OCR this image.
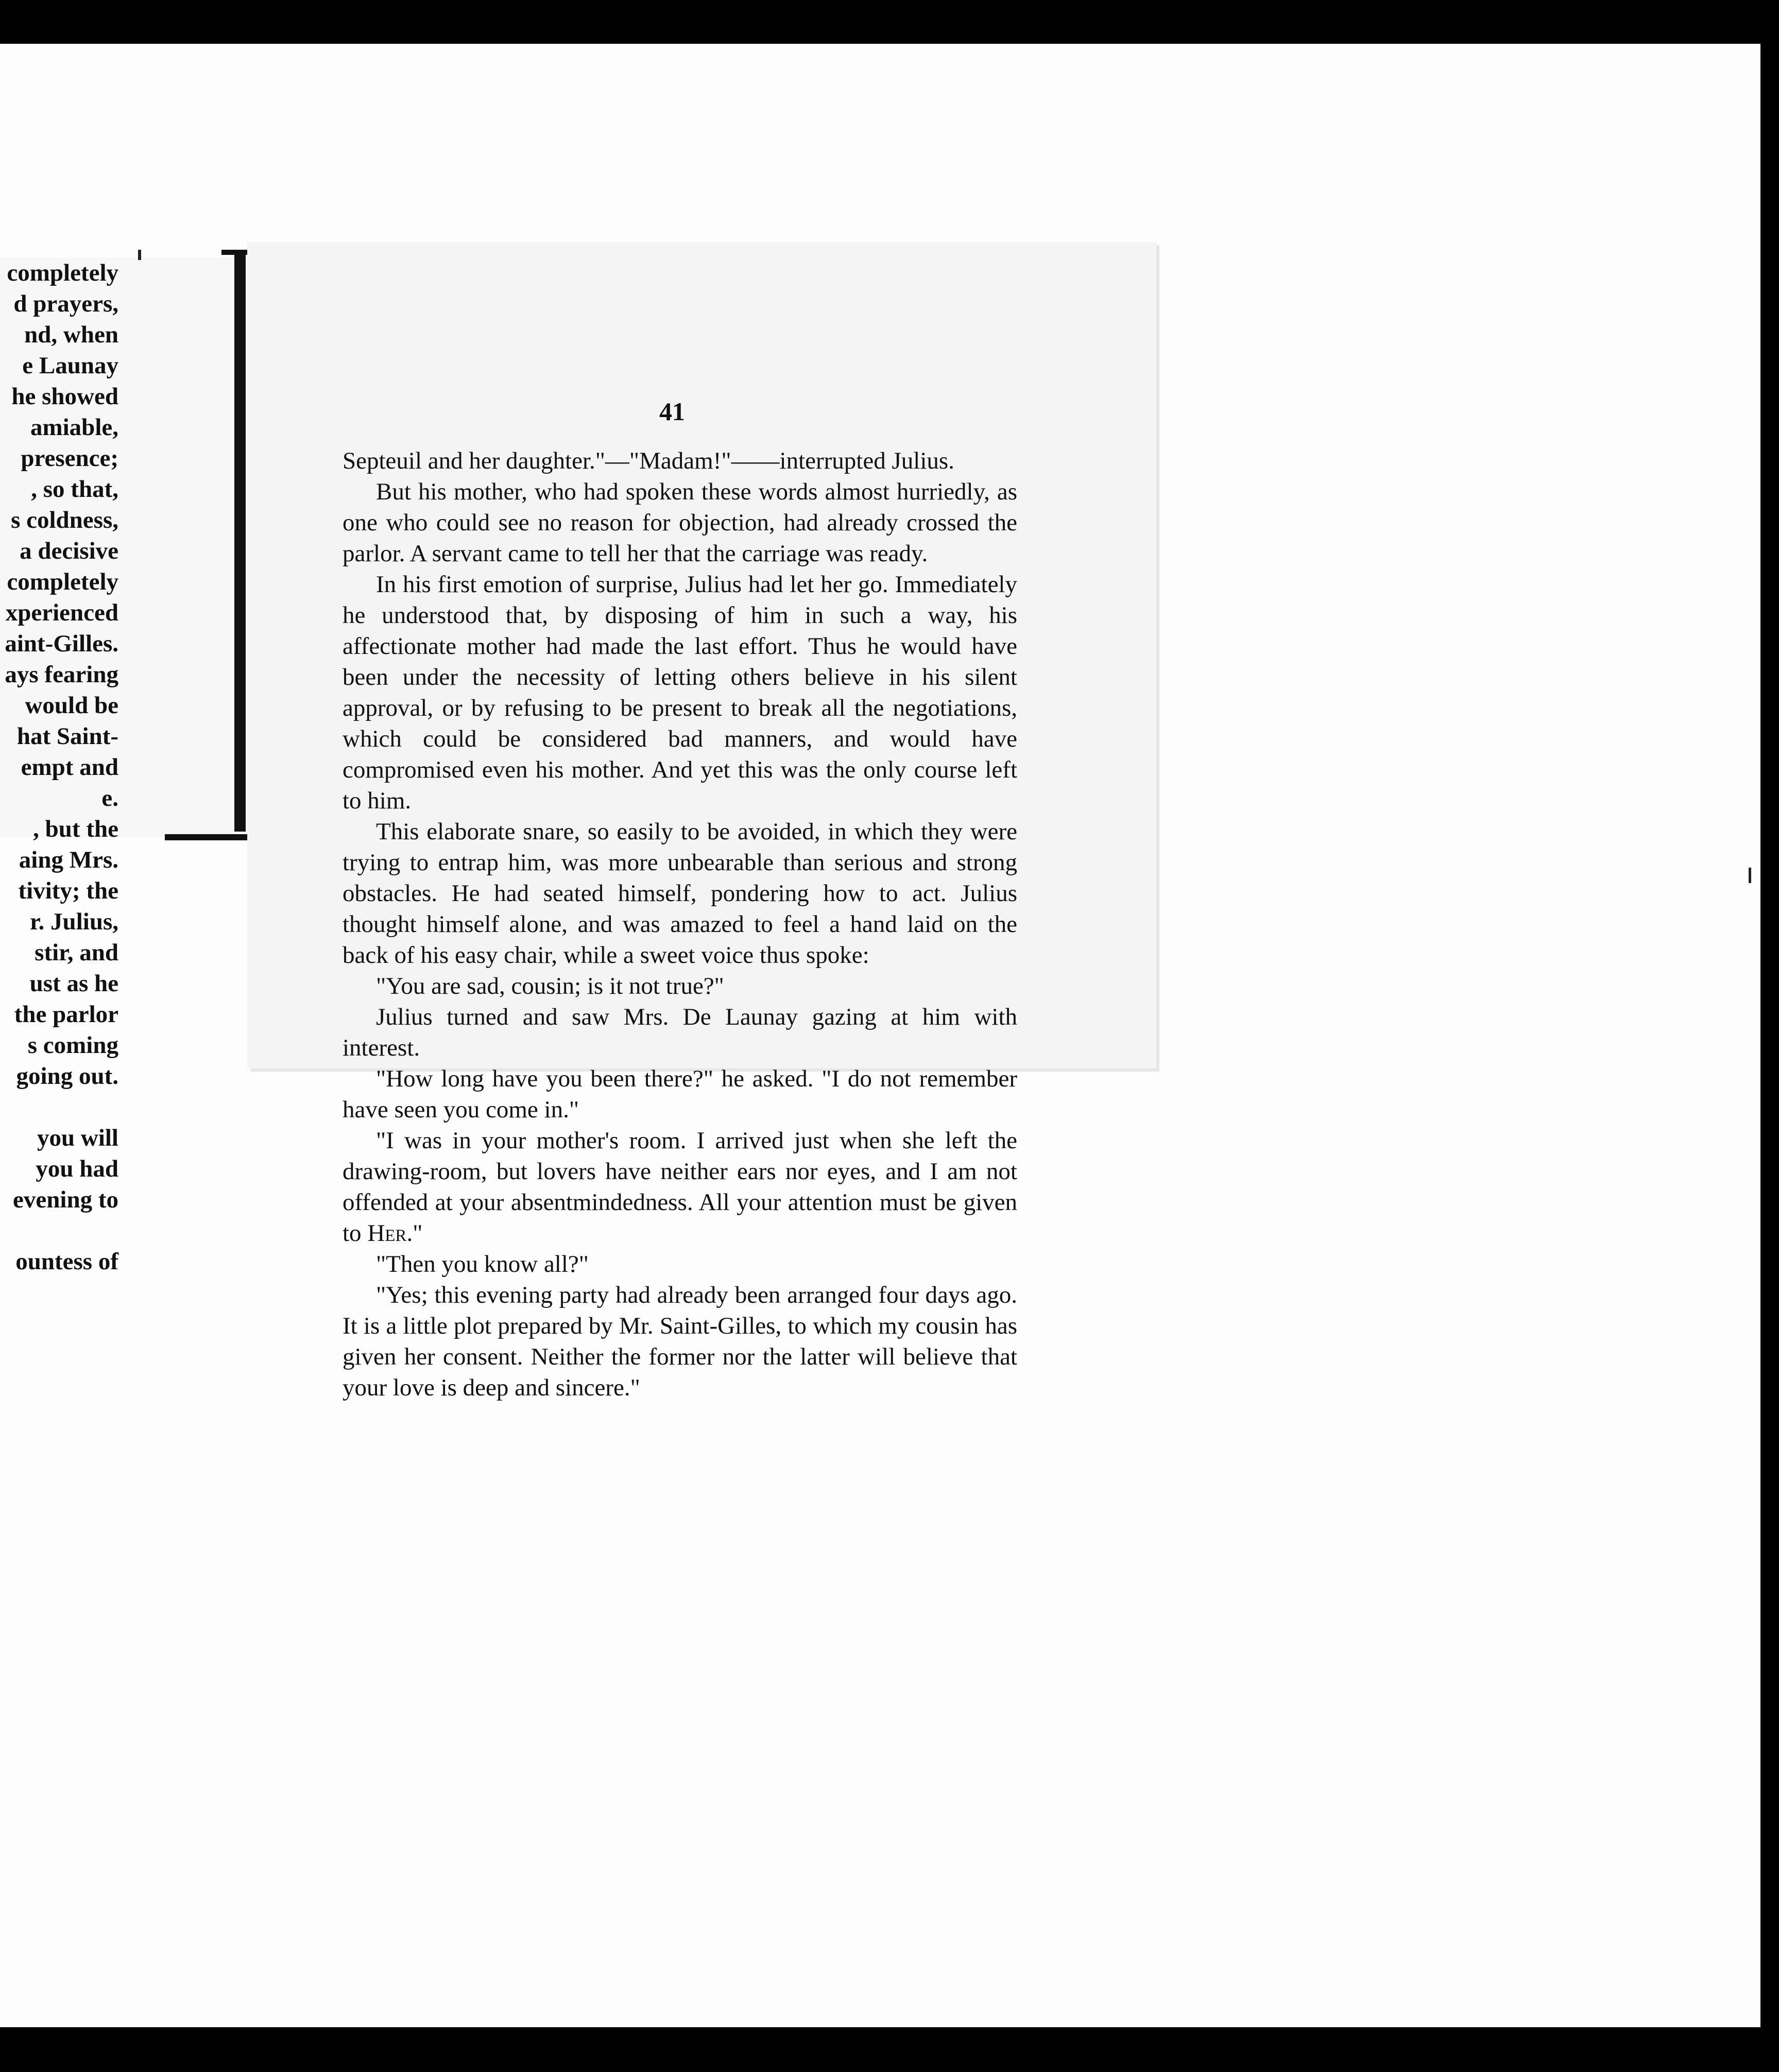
completely
d prayers,
nd, when
e Launay
he showed
amiable,
presence;
, so that,
s coldness,
a decisive
completely
xperienced
aint-Gilles.
ays fearing
would be
hat Saint-
empt and
e.
, but the
aing Mrs.
tivity; the
r. Julius,
stir, and
ust as he
the parlor
s coming
going out.
you will
you had
evening to
ountess of
41

Septeuil and her daughter."—"Madam!"——interrupted Julius.

But his mother, who had spoken these words almost hurriedly, as one who could see no reason for objection, had already crossed the parlor. A servant came to tell her that the carriage was ready.

In his first emotion of surprise, Julius had let her go. Immediately he understood that, by disposing of him in such a way, his affectionate mother had made the last effort. Thus he would have been under the necessity of letting others believe in his silent approval, or by refusing to be present to break all the negotiations, which could be considered bad manners, and would have compromised even his mother. And yet this was the only course left to him.

This elaborate snare, so easily to be avoided, in which they were trying to entrap him, was more unbearable than serious and strong obstacles. He had seated himself, pondering how to act. Julius thought himself alone, and was amazed to feel a hand laid on the back of his easy chair, while a sweet voice thus spoke:

"You are sad, cousin; is it not true?"

Julius turned and saw Mrs. De Launay gazing at him with interest.

"How long have you been there?" he asked. "I do not remember have seen you come in."

"I was in your mother's room. I arrived just when she left the drawing-room, but lovers have neither ears nor eyes, and I am not offended at your absentmindedness. All your attention must be given to Her."

"Then you know all?"

"Yes; this evening party had already been arranged four days ago. It is a little plot prepared by Mr. Saint-Gilles, to which my cousin has given her consent. Neither the former nor the latter will believe that your love is deep and sincere."
